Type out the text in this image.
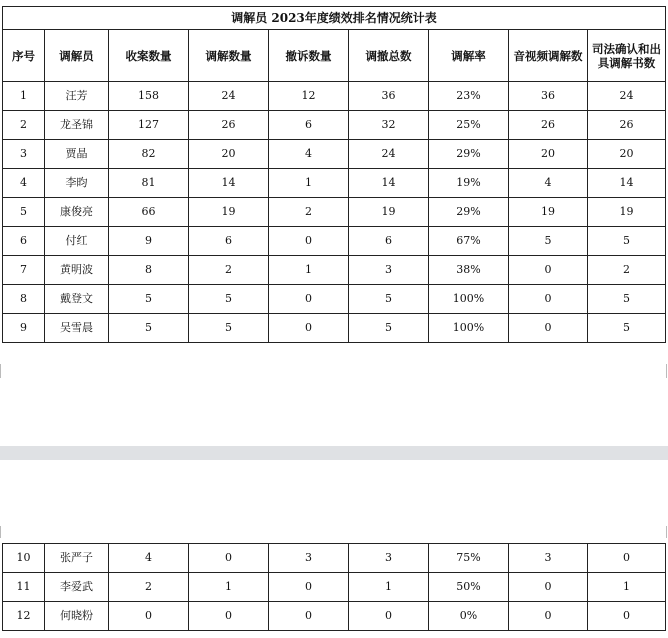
调解员 2023年度绩效排名情况统计表								
序号	调解员	收案数量	调解数量	撤诉数量	调撤总数	调解率	音视频调解数	司法确认和出具调解书数
1	汪芳	158	24	12	36	23%	36	24
2	龙圣锦	127	26	6	32	25%	26	26
3	贾晶	82	20	4	24	29%	20	20
4	李昀	81	14	1	14	19%	4	14
5	康俊亮	66	19	2	19	29%	19	19
6	付红	9	6	0	6	67%	5	5
7	黄明波	8	2	1	3	38%	0	2
8	戴登文	5	5	0	5	100%	0	5
9	吴雪晨	5	5	0	5	100%	0	5
10	张严子	4	0	3	3	75%	3	0
11	李爱武	2	1	0	1	50%	0	1
12	何晓粉	0	0	0	0	0%	0	0
